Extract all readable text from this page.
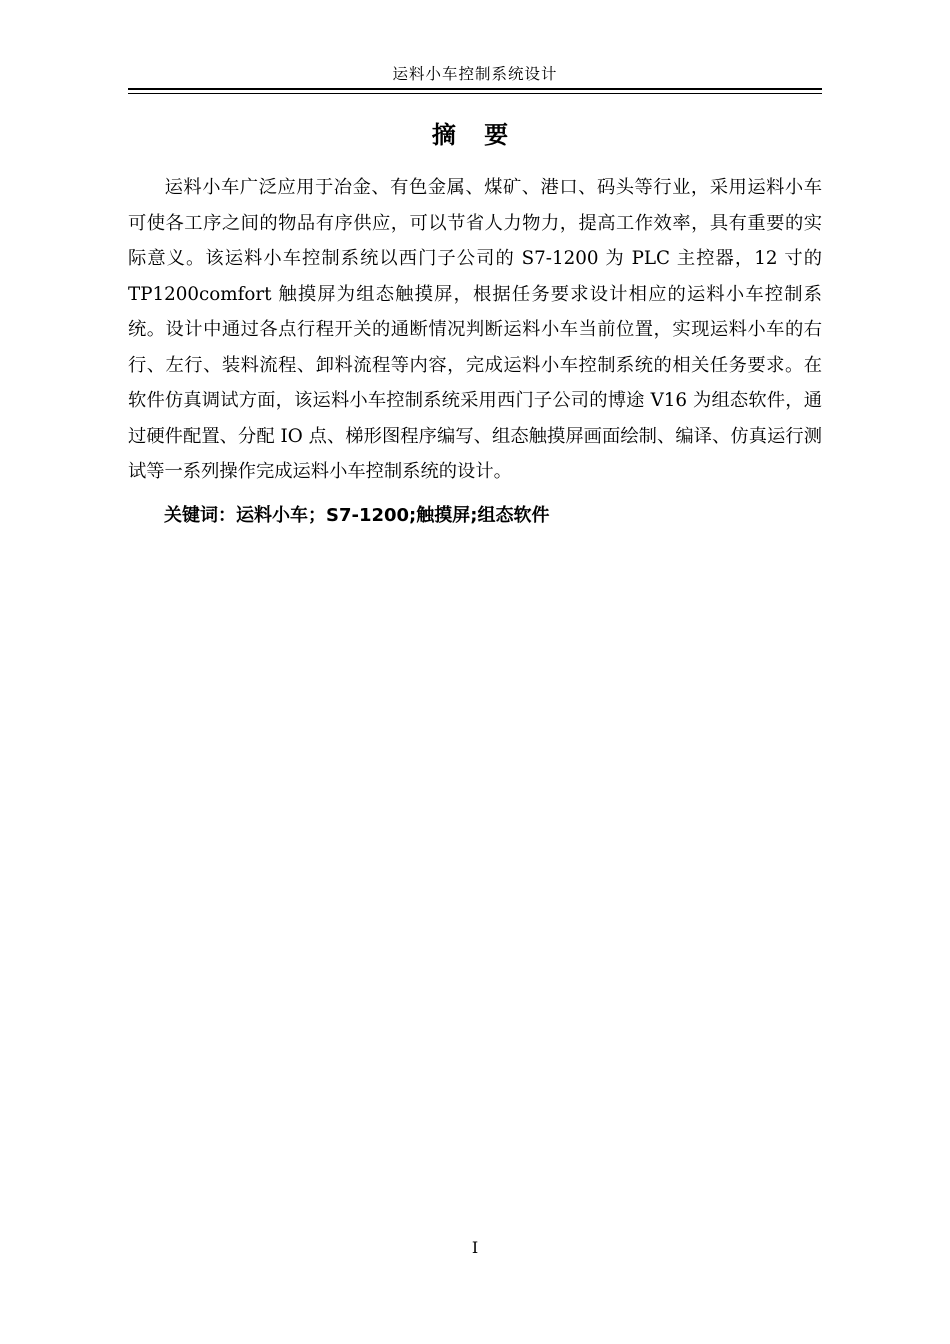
运料小车控制系统设计
摘 要

运料小车广泛应用于冶金、有色金属、煤矿、港口、码头等行业，采用运料小车可使各工序之间的物品有序供应，可以节省人力物力，提高工作效率，具有重要的实际意义。该运料小车控制系统以西门子公司的 S7-1200 为 PLC 主控器，12 寸的 TP1200comfort 触摸屏为组态触摸屏，根据任务要求设计相应的运料小车控制系统。设计中通过各点行程开关的通断情况判断运料小车当前位置，实现运料小车的右行、左行、装料流程、卸料流程等内容，完成运料小车控制系统的相关任务要求。在软件仿真调试方面，该运料小车控制系统采用西门子公司的博途 V16 为组态软件，通过硬件配置、分配 IO 点、梯形图程序编写、组态触摸屏画面绘制、编译、仿真运行测试等一系列操作完成运料小车控制系统的设计。

关键词：运料小车；S7-1200;触摸屏;组态软件
I
